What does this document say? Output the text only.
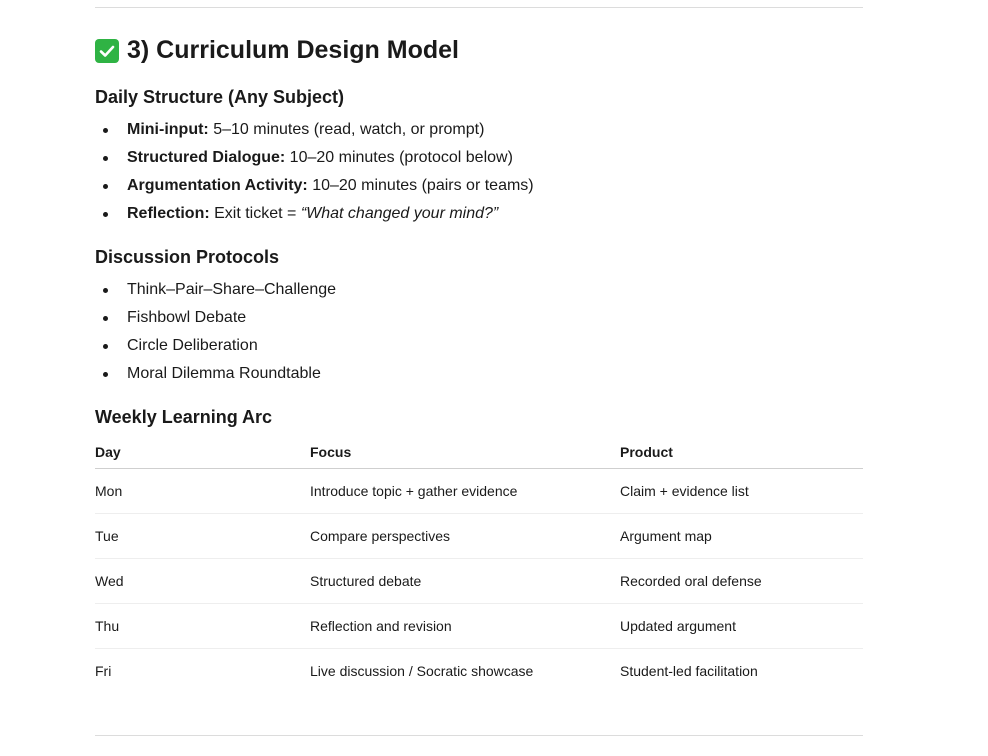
3) Curriculum Design Model
Daily Structure (Any Subject)
Mini-input: 5–10 minutes (read, watch, or prompt)
Structured Dialogue: 10–20 minutes (protocol below)
Argumentation Activity: 10–20 minutes (pairs or teams)
Reflection: Exit ticket = “What changed your mind?”
Discussion Protocols
Think–Pair–Share–Challenge
Fishbowl Debate
Circle Deliberation
Moral Dilemma Roundtable
Weekly Learning Arc
Day	Focus	Product
Mon	Introduce topic + gather evidence	Claim + evidence list
Tue	Compare perspectives	Argument map
Wed	Structured debate	Recorded oral defense
Thu	Reflection and revision	Updated argument
Fri	Live discussion / Socratic showcase	Student-led facilitation
